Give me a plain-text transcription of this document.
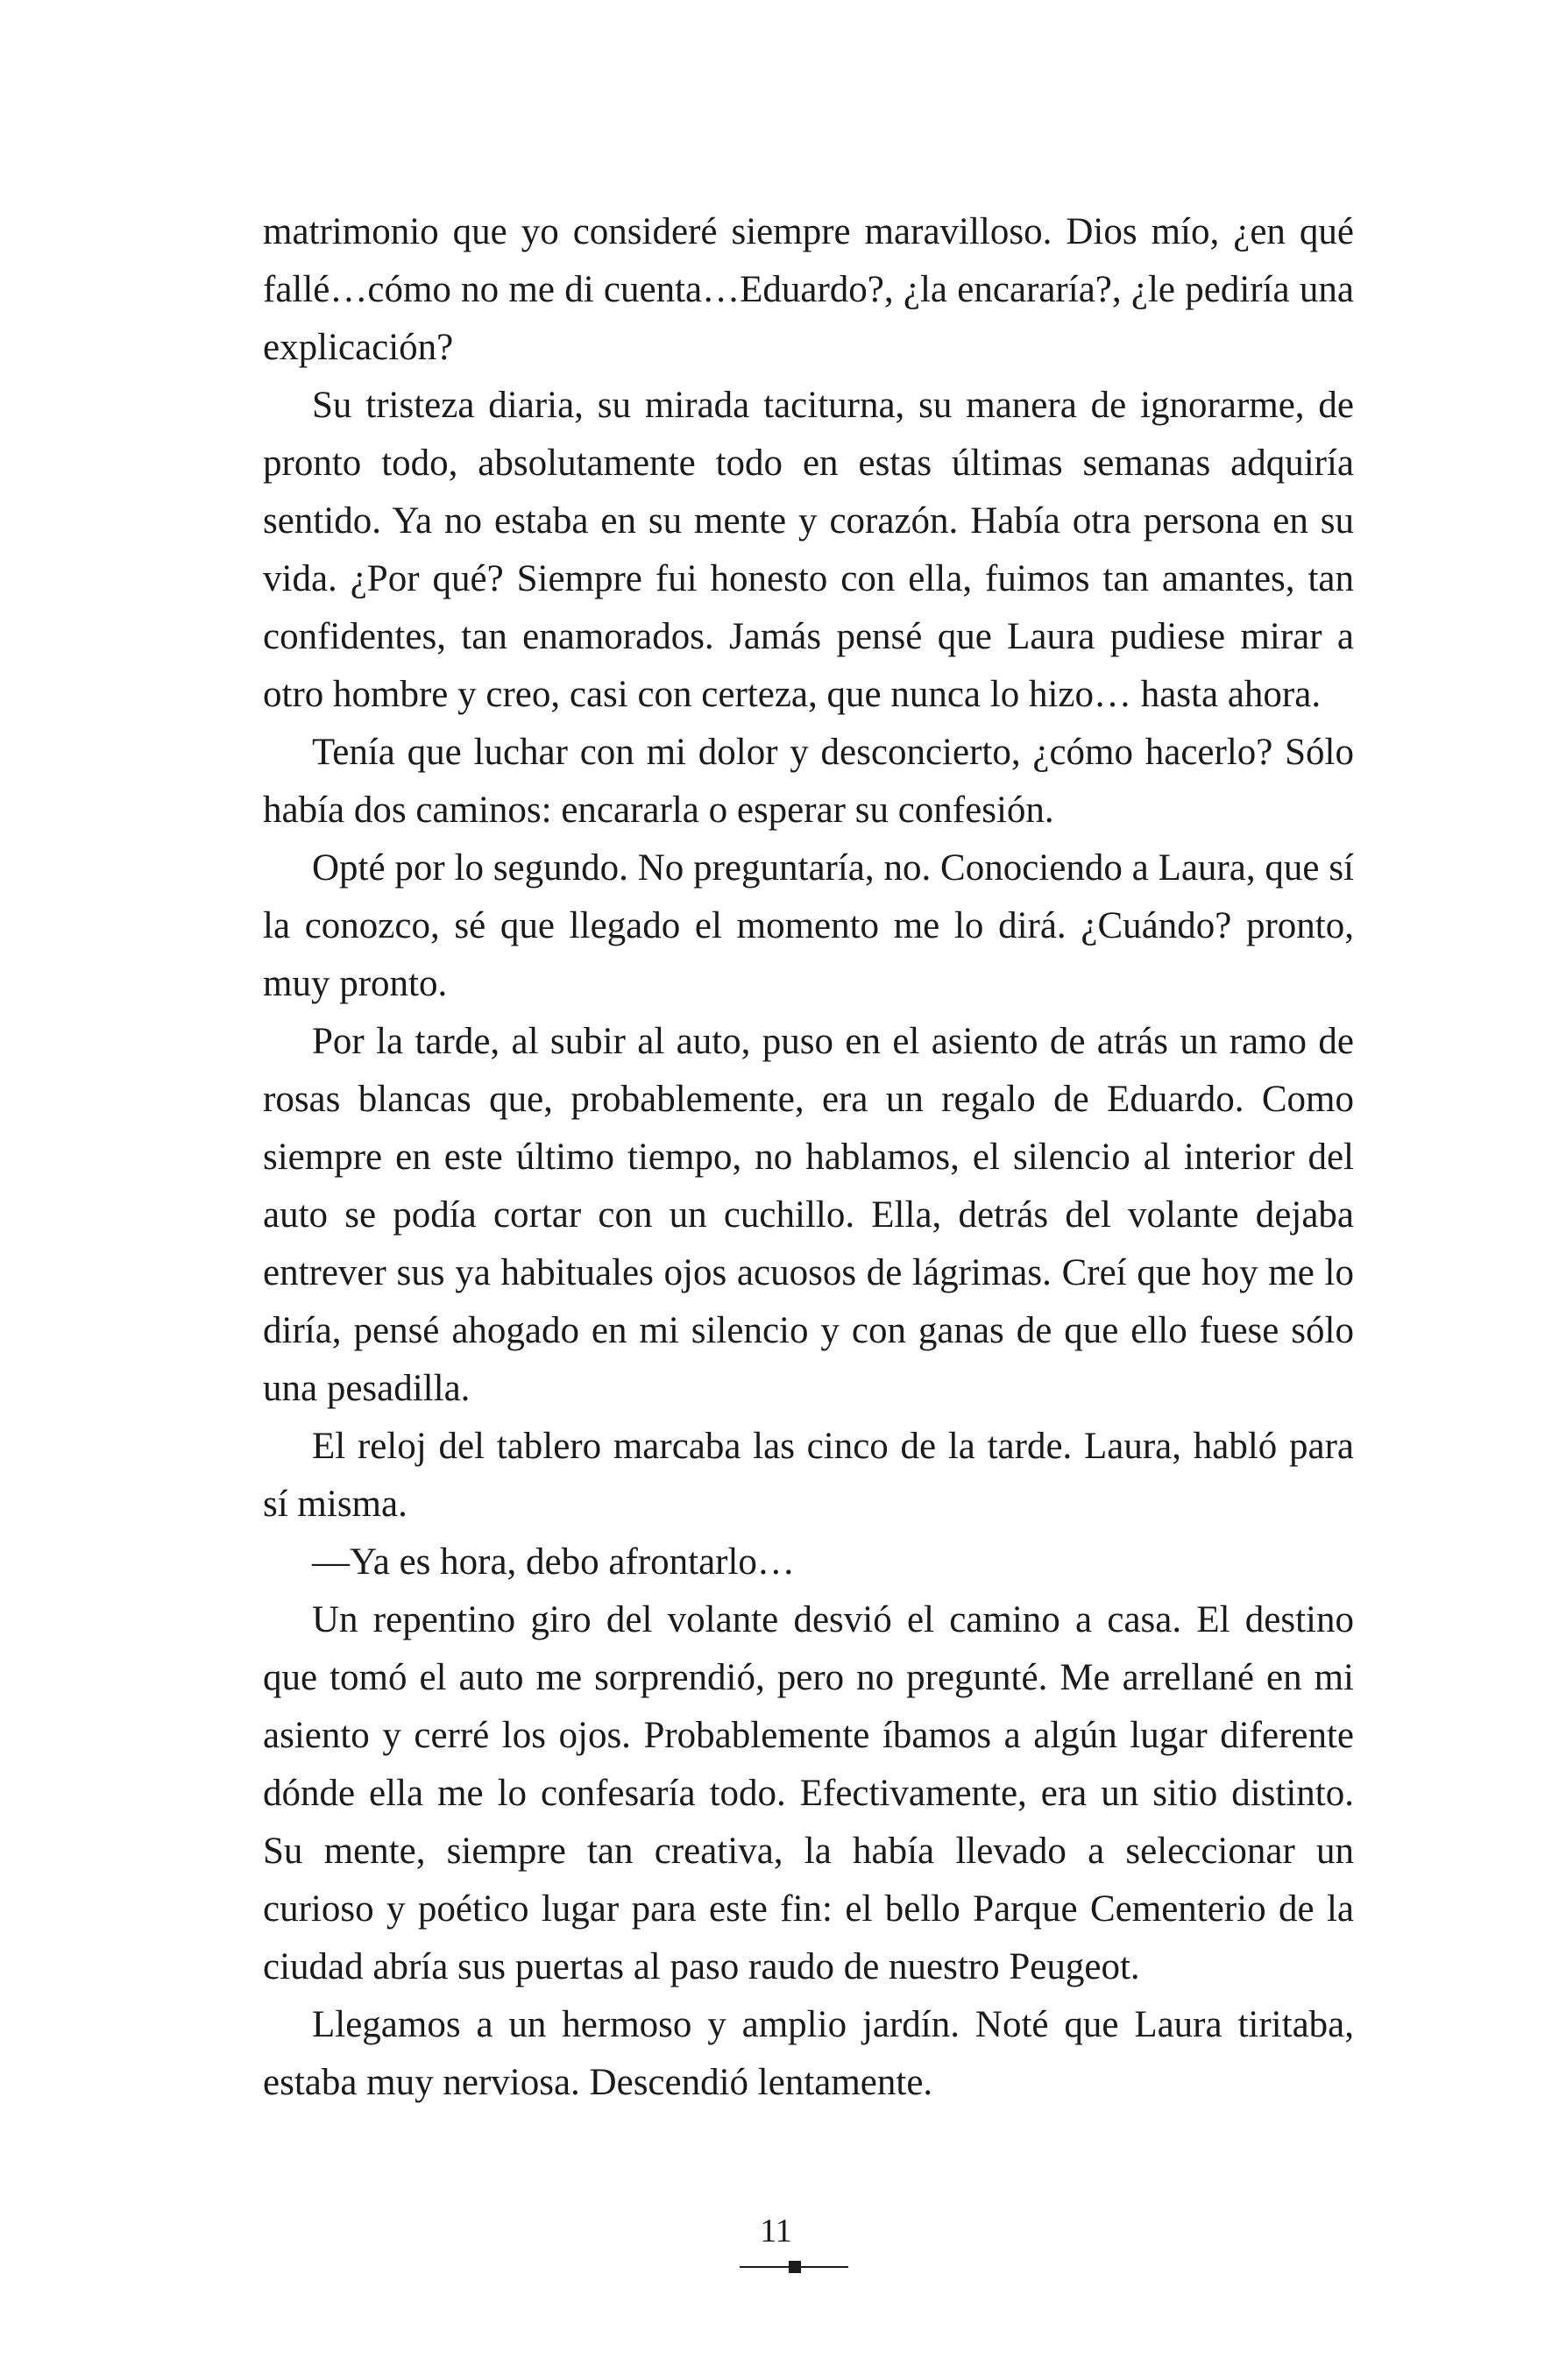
matrimonio que yo consideré siempre maravilloso. Dios mío, ¿en qué fallé…cómo no me di cuenta…Eduardo?, ¿la encararía?, ¿le pediría una explicación?

Su tristeza diaria, su mirada taciturna, su manera de ignorarme, de pronto todo, absolutamente todo en estas últimas semanas adquiría sentido. Ya no estaba en su mente y corazón. Había otra persona en su vida. ¿Por qué? Siempre fui honesto con ella, fuimos tan amantes, tan confidentes, tan enamorados. Jamás pensé que Laura pudiese mirar a otro hombre y creo, casi con certeza, que nunca lo hizo… hasta ahora.

Tenía que luchar con mi dolor y desconcierto, ¿cómo hacerlo? Sólo había dos caminos: encararla o esperar su confesión.

Opté por lo segundo. No preguntaría, no. Conociendo a Laura, que sí la conozco, sé que llegado el momento me lo dirá. ¿Cuándo? pronto, muy pronto.

Por la tarde, al subir al auto, puso en el asiento de atrás un ramo de rosas blancas que, probablemente, era un regalo de Eduardo. Como siempre en este último tiempo, no hablamos, el silencio al interior del auto se podía cortar con un cuchillo. Ella, detrás del volante dejaba entrever sus ya habituales ojos acuosos de lágrimas. Creí que hoy me lo diría, pensé ahogado en mi silencio y con ganas de que ello fuese sólo una pesadilla.

El reloj del tablero marcaba las cinco de la tarde. Laura, habló para sí misma.

—Ya es hora, debo afrontarlo…

Un repentino giro del volante desvió el camino a casa. El destino que tomó el auto me sorprendió, pero no pregunté. Me arrellané en mi asiento y cerré los ojos. Probablemente íbamos a algún lugar diferente dónde ella me lo confesaría todo. Efectivamente, era un sitio distinto. Su mente, siempre tan creativa, la había llevado a seleccionar un curioso y poético lugar para este fin: el bello Parque Cementerio de la ciudad abría sus puertas al paso raudo de nuestro Peugeot.

Llegamos a un hermoso y amplio jardín. Noté que Laura tiritaba, estaba muy nerviosa. Descendió lentamente.

11
